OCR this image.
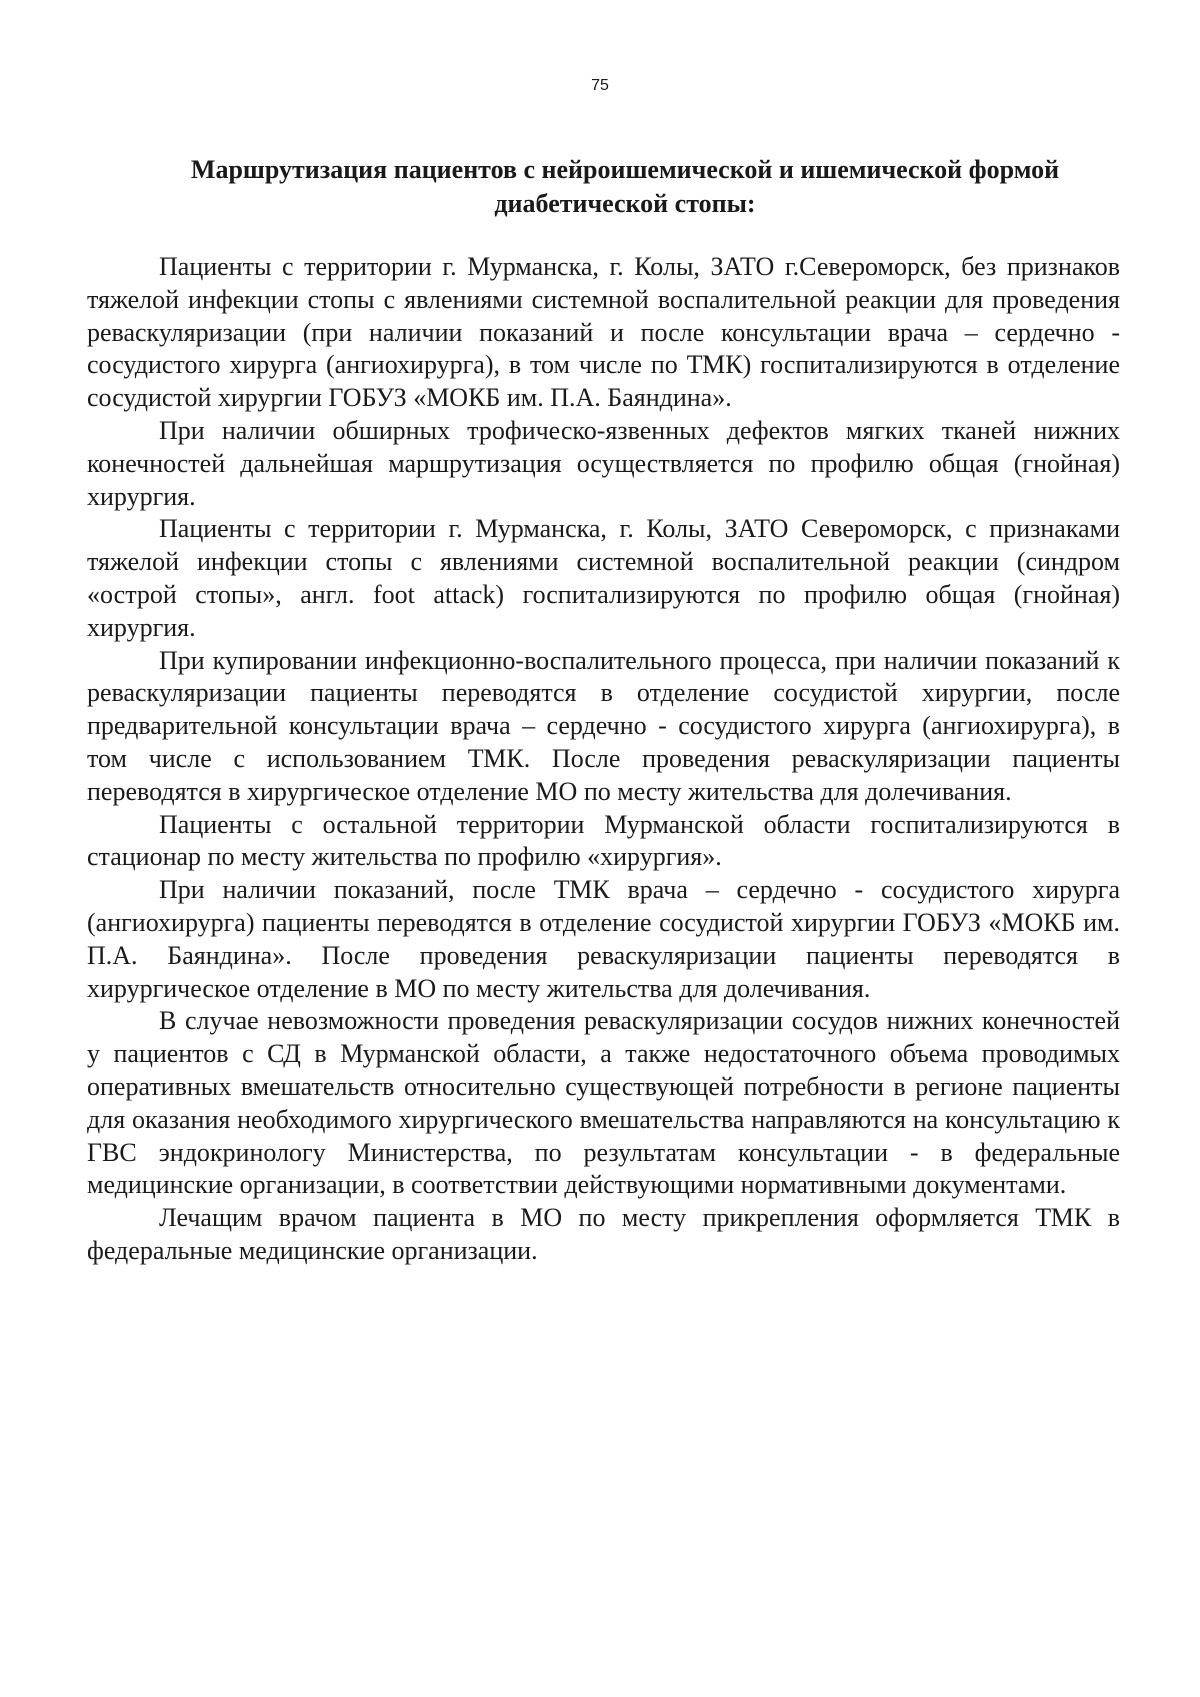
75
Маршрутизация пациентов с нейроишемической и ишемической формой
диабетической стопы:

Пациенты с территории г. Мурманска, г. Колы, ЗАТО г.Североморск, без признаков тяжелой инфекции стопы с явлениями системной воспалительной реакции для проведения реваскуляризации (при наличии показаний и после консультации врача – сердечно - сосудистого хирурга (ангиохирурга), в том числе по ТМК) госпитализируются в отделение сосудистой хирургии ГОБУЗ «МОКБ им. П.А. Баяндина».

При наличии обширных трофическо-язвенных дефектов мягких тканей нижних конечностей дальнейшая маршрутизация осуществляется по профилю общая (гнойная) хирургия.

Пациенты с территории г. Мурманска, г. Колы, ЗАТО Североморск, с признаками тяжелой инфекции стопы с явлениями системной воспалительной реакции (синдром «острой стопы», англ. foot attack) госпитализируются по профилю общая (гнойная) хирургия.

При купировании инфекционно-воспалительного процесса, при наличии показаний к реваскуляризации пациенты переводятся в отделение сосудистой хирургии, после предварительной консультации врача – сердечно - сосудистого хирурга (ангиохирурга), в том числе с использованием ТМК. После проведения реваскуляризации пациенты переводятся в хирургическое отделение МО по месту жительства для долечивания.

Пациенты с остальной территории Мурманской области госпитализируются в стационар по месту жительства по профилю «хирургия».

При наличии показаний, после ТМК врача – сердечно - сосудистого хирурга (ангиохирурга) пациенты переводятся в отделение сосудистой хирургии ГОБУЗ «МОКБ им. П.А. Баяндина». После проведения реваскуляризации пациенты переводятся в хирургическое отделение в МО по месту жительства для долечивания.

В случае невозможности проведения реваскуляризации сосудов нижних конечностей у пациентов с СД в Мурманской области, а также недостаточного объема проводимых оперативных вмешательств относительно существующей потребности в регионе пациенты для оказания необходимого хирургического вмешательства направляются на консультацию к ГВС эндокринологу Министерства, по результатам консультации - в федеральные медицинские организации, в соответствии действующими нормативными документами.

Лечащим врачом пациента в МО по месту прикрепления оформляется ТМК в федеральные медицинские организации.
